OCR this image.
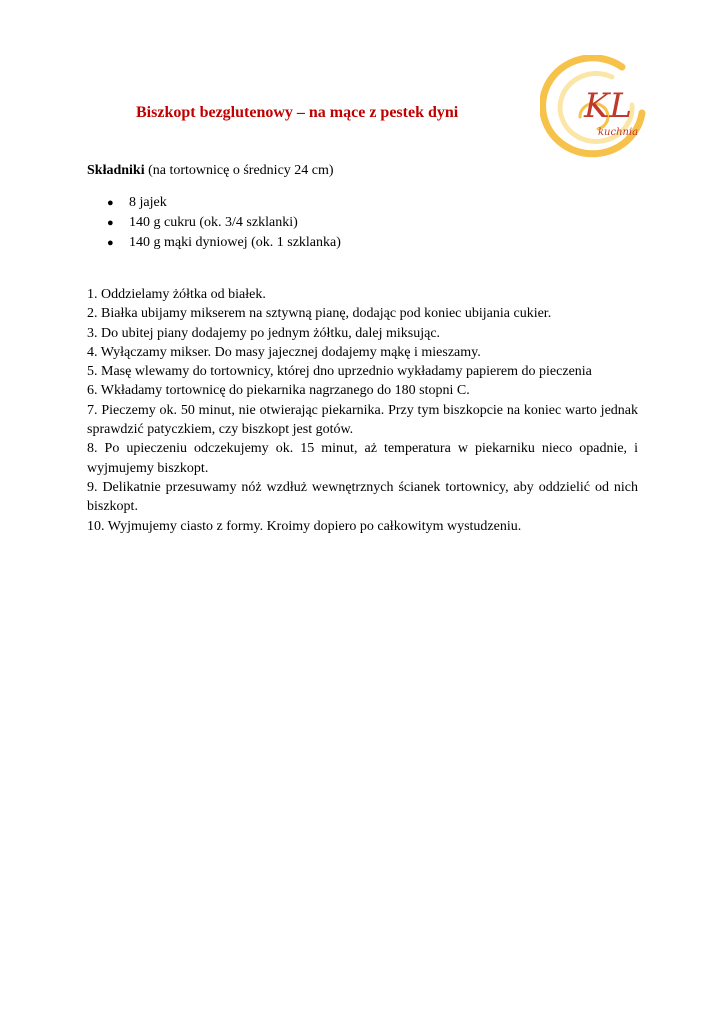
Biszkopt bezglutenowy – na mące z pestek dyni	KL
kuchnia

Składniki (na tortownicę o średnicy 24 cm)

● 8 jajek
● 140 g cukru (ok. 3/4 szklanki)
● 140 g mąki dyniowej (ok. 1 szklanka)
1. Oddzielamy żółtka od białek.
2. Białka ubijamy mikserem na sztywną pianę, dodając pod koniec ubijania cukier.
3. Do ubitej piany dodajemy po jednym żółtku, dalej miksując.
4. Wyłączamy mikser. Do masy jajecznej dodajemy mąkę i mieszamy.
5. Masę wlewamy do tortownicy, której dno uprzednio wykładamy papierem do pieczenia
6. Wkładamy tortownicę do piekarnika nagrzanego do 180 stopni C.
7. Pieczemy ok. 50 minut, nie otwierając piekarnika. Przy tym biszkopcie na koniec warto jednak sprawdzić patyczkiem, czy biszkopt jest gotów.
8. Po upieczeniu odczekujemy ok. 15 minut, aż temperatura w piekarniku nieco opadnie, i wyjmujemy biszkopt.
9. Delikatnie przesuwamy nóż wzdłuż wewnętrznych ścianek tortownicy, aby oddzielić od nich biszkopt.
10. Wyjmujemy ciasto z formy. Kroimy dopiero po całkowitym wystudzeniu.
